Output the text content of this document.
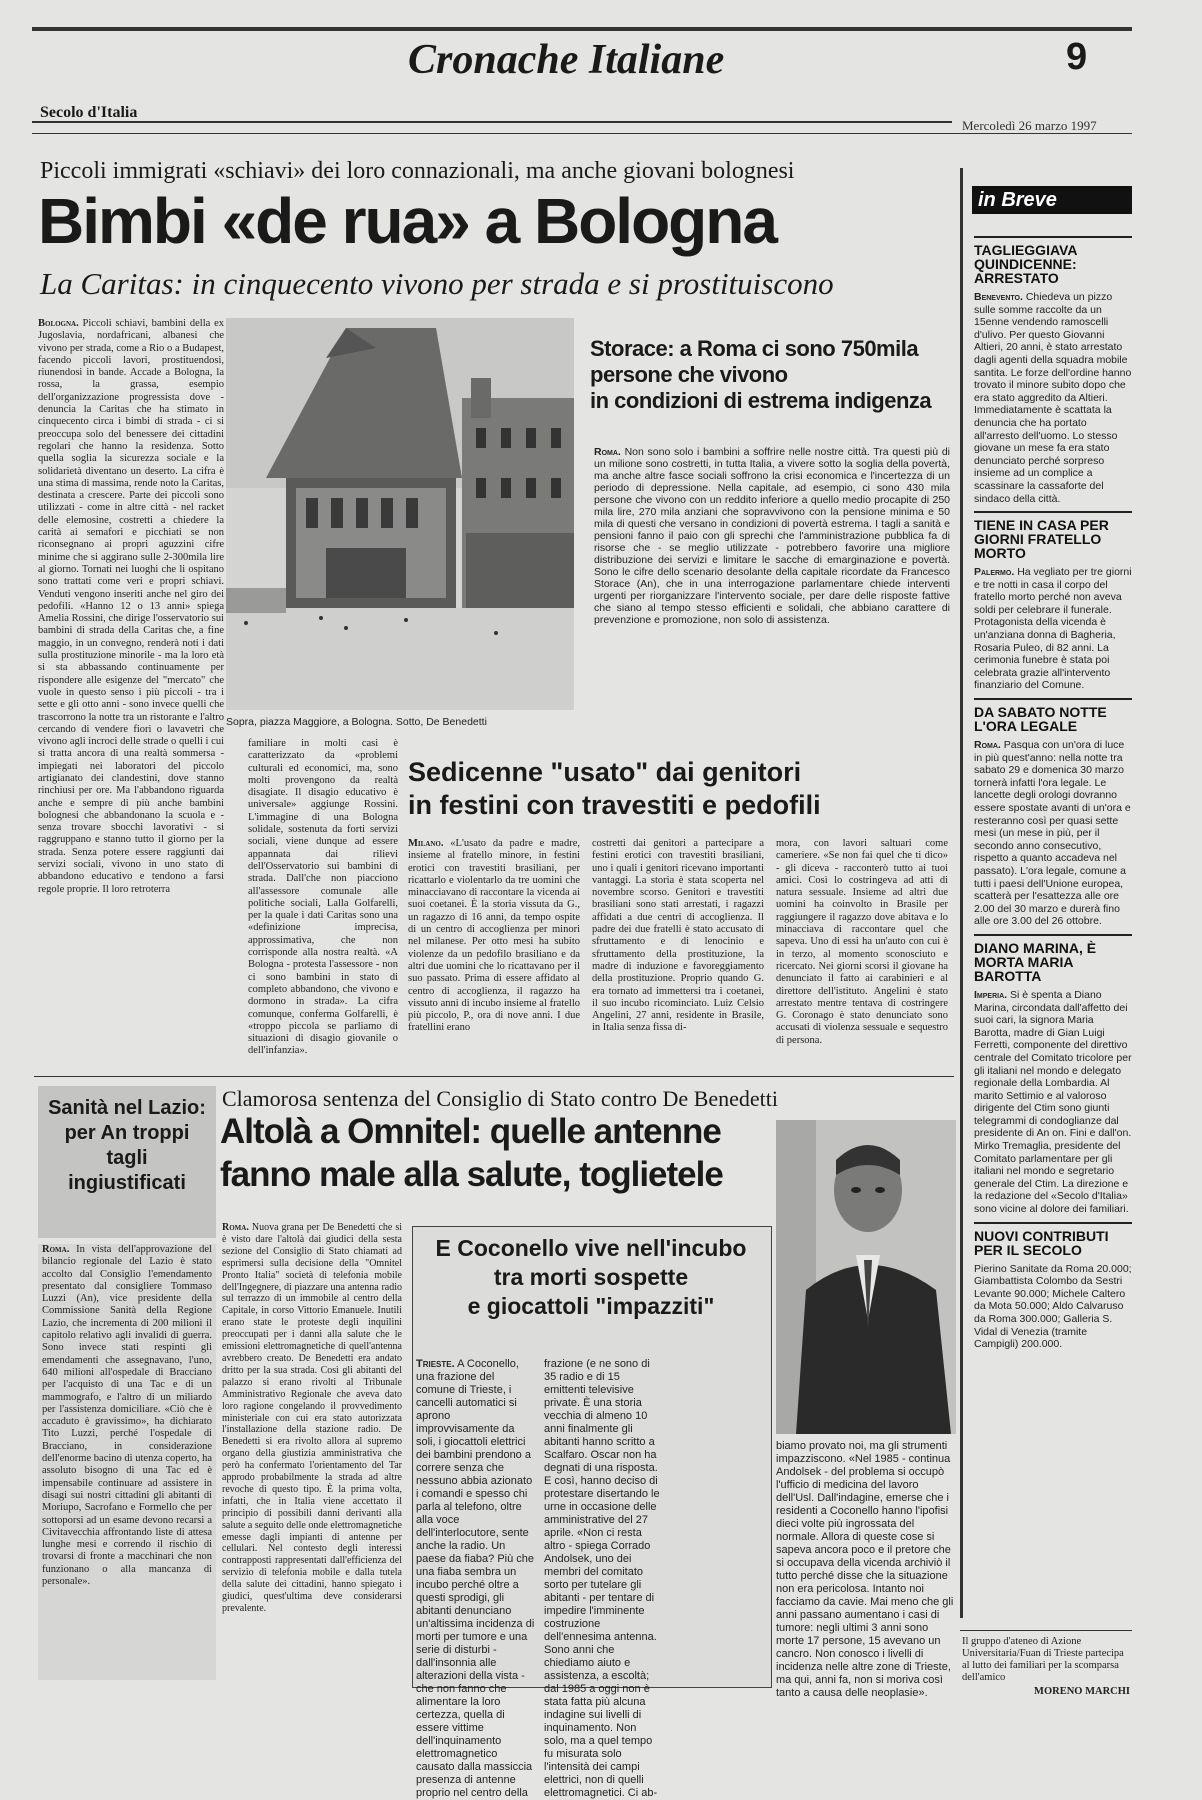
Cronache Italiane	9
Secolo d'Italia
Mercoledì 26 marzo 1997
Piccoli immigrati «schiavi» dei loro connazionali, ma anche giovani bolognesi
Bimbi «de rua» a Bologna
La Caritas: in cinquecento vivono per strada e si prostituiscono
Bologna. Piccoli schiavi, bambini della ex Jugoslavia, nordafricani, albanesi che vivono per strada, come a Rio o a Budapest, facendo piccoli lavori, prostituendosi, riunendosi in bande. Accade a Bologna, la rossa, la grassa, esempio dell'organizzazione progressista dove - denuncia la Caritas che ha stimato in cinquecento circa i bimbi di strada - ci si preoccupa solo del benessere dei cittadini regolari che hanno la residenza. Sotto quella soglia la sicurezza sociale e la solidarietà diventano un deserto. La cifra è una stima di massima, rende noto la Caritas, destinata a crescere. Parte dei piccoli sono utilizzati - come in altre città - nel racket delle elemosine, costretti a chiedere la carità ai semafori e picchiati se non riconsegnano ai propri aguzzini cifre minime che si aggirano sulle 2-300mila lire al giorno. Tornati nei luoghi che li ospitano sono trattati come veri e propri schiavi. Venduti vengono inseriti anche nel giro dei pedofili. «Hanno 12 o 13 anni» spiega Amelia Rossini, che dirige l'osservatorio sui bambini di strada della Caritas che, a fine maggio, in un convegno, renderà noti i dati sulla prostituzione minorile - ma la loro età si sta abbassando continuamente per rispondere alle esigenze del "mercato" che vuole in questo senso i più piccoli - tra i sette e gli otto anni - sono invece quelli che trascorrono la notte tra un ristorante e l'altro cercando di vendere fiori o lavavetri che vivono agli incroci delle strade o quelli i cui si tratta ancora di una realtà sommersa - impiegati nei laboratori del piccolo artigianato dei clandestini, dove stanno rinchiusi per ore. Ma l'abbandono riguarda anche e sempre di più anche bambini bolognesi che abbandonano la scuola e - senza trovare sbocchi lavorativi - si raggruppano e stanno tutto il giorno per la strada. Senza potere essere raggiunti dai servizi sociali, vivono in uno stato di abbandono educativo e tendono a farsi regole proprie. Il loro retroterra
Sopra, piazza Maggiore, a Bologna. Sotto, De Benedetti
Storace: a Roma ci sono 750mila
persone che vivono
in condizioni di estrema indigenza
Roma. Non sono solo i bambini a soffrire nelle nostre città. Tra questi più di un milione sono costretti, in tutta Italia, a vivere sotto la soglia della povertà, ma anche altre fasce sociali soffrono la crisi economica e l'incertezza di un periodo di depressione. Nella capitale, ad esempio, ci sono 430 mila persone che vivono con un reddito inferiore a quello medio procapite di 250 mila lire, 270 mila anziani che sopravvivono con la pensione minima e 50 mila di questi che versano in condizioni di povertà estrema. I tagli a sanità e pensioni fanno il paio con gli sprechi che l'amministrazione pubblica fa di risorse che - se meglio utilizzate - potrebbero favorire una migliore distribuzione dei servizi e limitare le sacche di emarginazione e povertà. Sono le cifre dello scenario desolante della capitale ricordate da Francesco Storace (An), che in una interrogazione parlamentare chiede interventi urgenti per riorganizzare l'intervento sociale, per dare delle risposte fattive che siano al tempo stesso efficienti e solidali, che abbiano carattere di prevenzione e promozione, non solo di assistenza.
familiare in molti casi è caratterizzato da «problemi culturali ed economici, ma, sono molti provengono da realtà disagiate. Il disagio educativo è universale» aggiunge Rossini. L'immagine di una Bologna solidale, sostenuta da forti servizi sociali, viene dunque ad essere appannata dai rilievi dell'Osservatorio sui bambini di strada. Dall'che non piacciono all'assessore comunale alle politiche sociali, Lalla Golfarelli, per la quale i dati Caritas sono una «definizione imprecisa, approssimativa, che non corrisponde alla nostra realtà. «A Bologna - protesta l'assessore - non ci sono bambini in stato di completo abbandono, che vivono e dormono in strada». La cifra comunque, conferma Golfarelli, è «troppo piccola se parliamo di situazioni di disagio giovanile o dell'infanzia».
Sedicenne "usato" dai genitori
in festini con travestiti e pedofili
Milano. «L'usato da padre e madre, insieme al fratello minore, in festini erotici con travestiti brasiliani, per ricattarlo e violentarlo da tre uomini che minacciavano di raccontare la vicenda ai suoi coetanei. È la storia vissuta da G., un ragazzo di 16 anni, da tempo ospite di un centro di accoglienza per minori nel milanese. Per otto mesi ha subito violenze da un pedofilo brasiliano e da altri due uomini che lo ricattavano per il suo passato. Prima di essere affidato al centro di accoglienza, il ragazzo ha vissuto anni di incubo insieme al fratello più piccolo, P., ora di nove anni. I due fratellini erano
costretti dai genitori a partecipare a festini erotici con travestiti brasiliani, uno i quali i genitori ricevano importanti vantaggi. La storia è stata scoperta nel novembre scorso. Genitori e travestiti brasiliani sono stati arrestati, i ragazzi affidati a due centri di accoglienza. Il padre dei due fratelli è stato accusato di sfruttamento e di lenocinio e sfruttamento della prostituzione, la madre di induzione e favoreggiamento della prostituzione. Proprio quando G. era tornato ad immettersi tra i coetanei, il suo incubo ricominciato. Luiz Celsio Angelini, 27 anni, residente in Brasile, in Italia senza fissa di-
mora, con lavori saltuari come cameriere. «Se non fai quel che ti dico» - gli diceva - racconterò tutto ai tuoi amici. Così lo costringeva ad atti di natura sessuale. Insieme ad altri due uomini ha coinvolto in Brasile per raggiungere il ragazzo dove abitava e lo minacciava di raccontare quel che sapeva. Uno di essi ha un'auto con cui è in terzo, al momento sconosciuto e ricercato. Nei giorni scorsi il giovane ha denunciato il fatto ai carabinieri e al direttore dell'istituto. Angelini è stato arrestato mentre tentava di costringere G. Coronago è stato denunciato sono accusati di violenza sessuale e sequestro di persona.
Sanità nel Lazio: per An troppi tagli ingiustificati
Roma. In vista dell'approvazione del bilancio regionale del Lazio è stato accolto dal Consiglio l'emendamento presentato dal consigliere Tommaso Luzzi (An), vice presidente della Commissione Sanità della Regione Lazio, che incrementa di 200 milioni il capitolo relativo agli invalidi di guerra. Sono invece stati respinti gli emendamenti che assegnavano, l'uno, 640 milioni all'ospedale di Bracciano per l'acquisto di una Tac e di un mammografo, e l'altro di un miliardo per l'assistenza domiciliare. «Ciò che è accaduto è gravissimo», ha dichiarato Tito Luzzi, perché l'ospedale di Bracciano, in considerazione dell'enorme bacino di utenza coperto, ha assoluto bisogno di una Tac ed è impensabile continuare ad assistere in disagi sui nostri cittadini gli abitanti di Moriupo, Sacrofano e Formello che per sottoporsi ad un esame devono recarsi a Civitavecchia affrontando liste di attesa lunghe mesi e correndo il rischio di trovarsi di fronte a macchinari che non funzionano o alla mancanza di personale».
Clamorosa sentenza del Consiglio di Stato contro De Benedetti
Altolà a Omnitel: quelle antenne
fanno male alla salute, toglietele
Roma. Nuova grana per De Benedetti che si è visto dare l'altolà dai giudici della sesta sezione del Consiglio di Stato chiamati ad esprimersi sulla decisione della "Omnitel Pronto Italia" società di telefonia mobile dell'Ingegnere, di piazzare una antenna radio sul terrazzo di un immobile al centro della Capitale, in corso Vittorio Emanuele. Inutili erano state le proteste degli inquilini preoccupati per i danni alla salute che le emissioni elettromagnetiche di quell'antenna avrebbero creato. De Benedetti era andato dritto per la sua strada. Così gli abitanti del palazzo si erano rivolti al Tribunale Amministrativo Regionale che aveva dato loro ragione congelando il provvedimento ministeriale con cui era stato autorizzata l'installazione della stazione radio. De Benedetti si era rivolto allora al supremo organo della giustizia amministrativa che però ha confermato l'orientamento del Tar approdo probabilmente la strada ad altre revoche di questo tipo. È la prima volta, infatti, che in Italia viene accettato il principio di possibili danni derivanti alla salute a seguito delle onde elettromagnetiche emesse dagli impianti di antenne per cellulari. Nel contesto degli interessi contrapposti rappresentati dall'efficienza del servizio di telefonia mobile e dalla tutela della salute dei cittadini, hanno spiegato i giudici, quest'ultima deve considerarsi prevalente.
E Coconello vive nell'incubo
tra morti sospette
e giocattoli "impazziti"
Trieste. A Coconello, una frazione del comune di Trieste, i cancelli automatici si aprono improvvisamente da soli, i giocattoli elettrici dei bambini prendono a correre senza che nessuno abbia azionato i comandi e spesso chi parla al telefono, oltre alla voce dell'interlocutore, sente anche la radio. Un paese da fiaba? Più che una fiaba sembra un incubo perché oltre a questi sprodigi, gli abitanti denunciano un'altissima incidenza di morti per tumore e una serie di disturbi - dall'insonnia alle alterazioni della vista - che non fanno che alimentare la loro certezza, quella di essere vittime dell'inquinamento elettromagnetico causato dalla massiccia presenza di antenne proprio nel centro della
frazione (e ne sono di 35 radio e di 15 emittenti televisive private. È una storia vecchia di almeno 10 anni finalmente gli abitanti hanno scritto a Scalfaro. Oscar non ha degnati di una risposta. E così, hanno deciso di protestare disertando le urne in occasione delle amministrative del 27 aprile. «Non ci resta altro - spiega Corrado Andolsek, uno dei membri del comitato sorto per tutelare gli abitanti - per tentare di impedire l'imminente costruzione dell'ennesima antenna. Sono anni che chiediamo aiuto e assistenza, a escoltà; dal 1985 a oggi non è stata fatta più alcuna indagine sui livelli di inquinamento. Non solo, ma a quel tempo fu misurata solo l'intensità dei campi elettrici, non di quelli elettromagnetici. Ci ab-
biamo provato noi, ma gli strumenti impazziscono. «Nel 1985 - continua Andolsek - del problema si occupò l'ufficio di medicina del lavoro dell'Usl. Dall'indagine, emerse che i residenti a Coconello hanno l'ipofisi dieci volte più ingrossata del normale. Allora di queste cose si sapeva ancora poco e il pretore che si occupava della vicenda archiviò il tutto perché disse che la situazione non era pericolosa. Intanto noi facciamo da cavie. Mai meno che gli anni passano aumentano i casi di tumore: negli ultimi 3 anni sono morte 17 persone, 15 avevano un cancro. Non conosco i livelli di incidenza nelle altre zone di Trieste, ma qui, anni fa, non si moriva così tanto a causa delle neoplasie».
in Breve
TAGLIEGGIAVA QUINDICENNE: ARRESTATO
Benevento. Chiedeva un pizzo sulle somme raccolte da un 15enne vendendo ramoscelli d'ulivo. Per questo Giovanni Altieri, 20 anni, è stato arrestato dagli agenti della squadra mobile santita. Le forze dell'ordine hanno trovato il minore subito dopo che era stato aggredito da Altieri. Immediatamente è scattata la denuncia che ha portato all'arresto dell'uomo. Lo stesso giovane un mese fa era stato denunciato perché sorpreso insieme ad un complice a scassinare la cassaforte del sindaco della città.
TIENE IN CASA PER GIORNI FRATELLO MORTO
Palermo. Ha vegliato per tre giorni e tre notti in casa il corpo del fratello morto perché non aveva soldi per celebrare il funerale. Protagonista della vicenda è un'anziana donna di Bagheria, Rosaria Puleo, di 82 anni. La cerimonia funebre è stata poi celebrata grazie all'intervento finanziario del Comune.
DA SABATO NOTTE L'ORA LEGALE
Roma. Pasqua con un'ora di luce in più quest'anno: nella notte tra sabato 29 e domenica 30 marzo tornerà infatti l'ora legale. Le lancette degli orologi dovranno essere spostate avanti di un'ora e resteranno così per quasi sette mesi (un mese in più, per il secondo anno consecutivo, rispetto a quanto accadeva nel passato). L'ora legale, comune a tutti i paesi dell'Unione europea, scatterà per l'esattezza alle ore 2.00 del 30 marzo e durerà fino alle ore 3.00 del 26 ottobre.
DIANO MARINA, È MORTA MARIA BAROTTA
Imperia. Si è spenta a Diano Marina, circondata dall'affetto dei suoi cari, la signora Maria Barotta, madre di Gian Luigi Ferretti, componente del direttivo centrale del Comitato tricolore per gli italiani nel mondo e delegato regionale della Lombardia. Al marito Settimio e al valoroso dirigente del Ctim sono giunti telegrammi di condoglianze dal presidente di An on. Fini e dall'on. Mirko Tremaglia, presidente del Comitato parlamentare per gli italiani nel mondo e segretario generale del Ctim. La direzione e la redazione del «Secolo d'Italia» sono vicine al dolore dei familiari.
NUOVI CONTRIBUTI PER IL SECOLO
Pierino Sanitate da Roma 20.000; Giambattista Colombo da Sestri Levante 90.000; Michele Caltero da Mota 50.000; Aldo Calvaruso da Roma 300.000; Galleria S. Vidal di Venezia (tramite Campigli) 200.000.
Il gruppo d'ateneo di Azione Universitaria/Fuan di Trieste partecipa al lutto dei familiari per la scomparsa dell'amico
MORENO MARCHI
